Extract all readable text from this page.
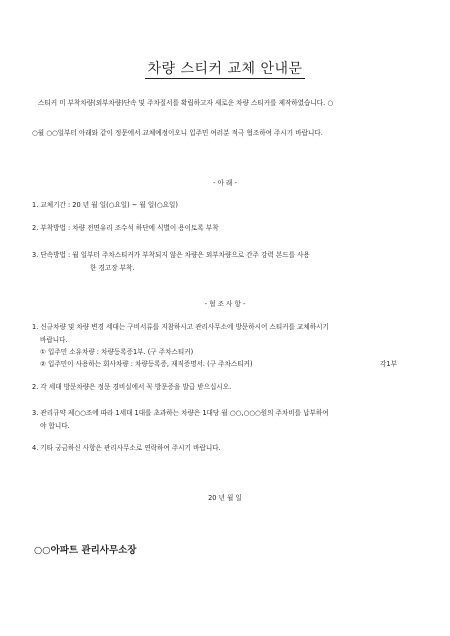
차량 스티커 교체 안내문
스티커 미 부착차량(외부차량)단속 및 주차질서를 확립하고자 새로운 차량 스티커를 제작하였습니다. ○
○월 ○○일부터 아래와 같이 정문에서 교체예정이오니 입주민 여러분 적극 협조하여 주시기 바랍니다.
- 아 래 -
1. 교체기간 : 20 년 월 일(○요일) ~ 월 일(○요일)
2. 부착방법 : 차량 전면유리 조수석 하단에 식별이 용이토록 부착
3. 단속방법 : 월 일부터 주차스티커가 부착되지 않은 차량은 외부차량으로 간주 강력 본드를 사용
한 경고장 부착.
- 협 조 사 항 -
1. 신규차량 및 차량 변경 세대는 구비서류를 지참하시고 관리사무소에 방문하시어 스티커를 교체하시기
바랍니다.
① 입주민 소유차량 : 차량등록증1부. (구 주차스티커)
② 입주민이 사용하는 회사차량 : 차량등록증, 재직증명서. (구 주차스티커)	각1부
2. 각 세대 방문차량은 정문 경비실에서 꼭 방문증을 발급 받으십시오.
3. 관리규약 제○○조에 따라 1세대 1대를 초과하는 차량은 1대당 월 ○○,○○○원의 주차비를 납부하여
야 합니다.
4. 기타 궁금하신 사항은 관리사무소로 연락하여 주시기 바랍니다.
20 년 월 일
○○아파트 관리사무소장
